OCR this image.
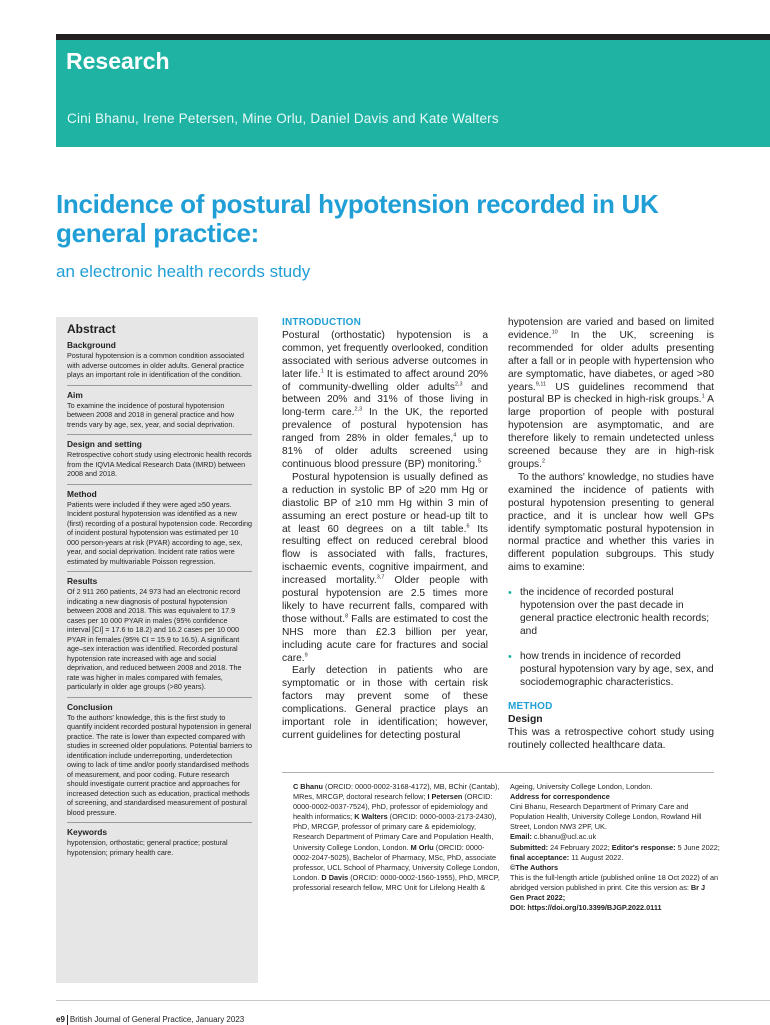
Research
Cini Bhanu, Irene Petersen, Mine Orlu, Daniel Davis and Kate Walters
Incidence of postural hypotension recorded in UK general practice:
an electronic health records study
Abstract
Background
Postural hypotension is a common condition associated with adverse outcomes in older adults. General practice plays an important role in identification of the condition.
Aim
To examine the incidence of postural hypotension between 2008 and 2018 in general practice and how trends vary by age, sex, year, and social deprivation.
Design and setting
Retrospective cohort study using electronic health records from the IQVIA Medical Research Data (IMRD) between 2008 and 2018.
Method
Patients were included if they were aged ≥50 years. Incident postural hypotension was identified as a new (first) recording of a postural hypotension code. Recording of incident postural hypotension was estimated per 10 000 person-years at risk (PYAR) according to age, sex, year, and social deprivation. Incident rate ratios were estimated by multivariable Poisson regression.
Results
Of 2 911 260 patients, 24 973 had an electronic record indicating a new diagnosis of postural hypotension between 2008 and 2018. This was equivalent to 17.9 cases per 10 000 PYAR in males (95% confidence interval [CI] = 17.6 to 18.2) and 16.2 cases per 10 000 PYAR in females (95% CI = 15.9 to 16.5). A significant age–sex interaction was identified. Recorded postural hypotension rate increased with age and social deprivation, and reduced between 2008 and 2018. The rate was higher in males compared with females, particularly in older age groups (>80 years).
Conclusion
To the authors' knowledge, this is the first study to quantify incident recorded postural hypotension in general practice. The rate is lower than expected compared with studies in screened older populations. Potential barriers to identification include underreporting, underdetection owing to lack of time and/or poorly standardised methods of measurement, and poor coding. Future research should investigate current practice and approaches for increased detection such as education, practical methods of screening, and standardised measurement of postural blood pressure.
Keywords
hypotension, orthostatic; general practice; postural hypotension; primary health care.
INTRODUCTION

Postural (orthostatic) hypotension is a common, yet frequently overlooked, condition associated with serious adverse outcomes in later life.$^1$ It is estimated to affect around 20% of community-dwelling older adults$^{2,3}$ and between 20% and 31% of those living in long-term care.$^{2,3}$ In the UK, the reported prevalence of postural hypotension has ranged from 28% in older females,$^4$ up to 81% of older adults screened using continuous blood pressure (BP) monitoring.$^5$

Postural hypotension is usually defined as a reduction in systolic BP of ≥20 mm Hg or diastolic BP of ≥10 mm Hg within 3 min of assuming an erect posture or head-up tilt to at least 60 degrees on a tilt table.$^6$ Its resulting effect on reduced cerebral blood flow is associated with falls, fractures, ischaemic events, cognitive impairment, and increased mortality.$^{3,7}$ Older people with postural hypotension are 2.5 times more likely to have recurrent falls, compared with those without.$^8$ Falls are estimated to cost the NHS more than £2.3 billion per year, including acute care for fractures and social care.$^9$

Early detection in patients who are symptomatic or in those with certain risk factors may prevent some of these complications. General practice plays an important role in identification; however, current guidelines for detecting postural

hypotension are varied and based on limited evidence.$^{10}$ In the UK, screening is recommended for older adults presenting after a fall or in people with hypertension who are symptomatic, have diabetes, or aged >80 years.$^{9,11}$ US guidelines recommend that postural BP is checked in high-risk groups.$^1$ A large proportion of people with postural hypotension are asymptomatic, and are therefore likely to remain undetected unless screened because they are in high-risk groups.$^2$

To the authors' knowledge, no studies have examined the incidence of patients with postural hypotension presenting to general practice, and it is unclear how well GPs identify symptomatic postural hypotension in normal practice and whether this varies in different population subgroups. This study aims to examine:

• the incidence of recorded postural hypotension over the past decade in general practice electronic health records; and
• how trends in incidence of recorded postural hypotension vary by age, sex, and sociodemographic characteristics.
METHOD
Design

This was a retrospective cohort study using routinely collected healthcare data.

C Bhanu (ORCID: 0000-0002-3168-4172), MB, BChir (Cantab), MRes, MRCGP, doctoral research fellow; I Petersen (ORCID: 0000-0002-0037-7524), PhD, professor of epidemiology and health informatics; K Walters (ORCID: 0000-0003-2173-2430), PhD, MRCGP, professor of primary care & epidemiology, Research Department of Primary Care and Population Health, University College London, London. M Orlu (ORCID: 0000-0002-2047-5025), Bachelor of Pharmacy, MSc, PhD, associate professor, UCL School of Pharmacy, University College London, London. D Davis (ORCID: 0000-0002-1560-1955), PhD, MRCP, professorial research fellow, MRC Unit for Lifelong Health &

Ageing, University College London, London.

Address for correspondence

Cini Bhanu, Research Department of Primary Care and Population Health, University College London, Rowland Hill Street, London NW3 2PF, UK.

Email: c.bhanu@ucl.ac.uk

Submitted: 24 February 2022; Editor's response: 5 June 2022; final acceptance: 11 August 2022.

©The Authors

This is the full-length article (published online 18 Oct 2022) of an abridged version published in print. Cite this version as: Br J Gen Pract 2022;

DOI: https://doi.org/10.3399/BJGP.2022.0111

e9 British Journal of General Practice, January 2023
